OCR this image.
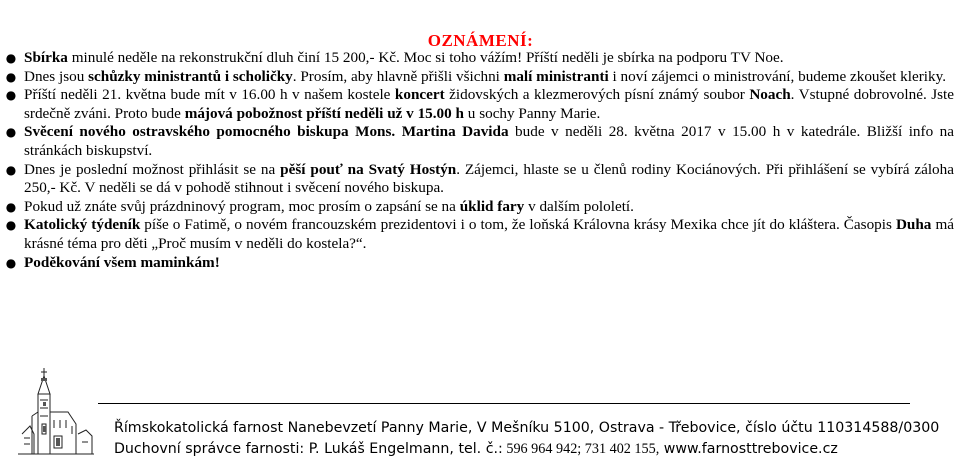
OZNÁMENÍ:
● Sbírka minulé neděle na rekonstrukční dluh činí 15 200,- Kč. Moc si toho vážím! Příští neděli je sbírka na podporu TV Noe.
● Dnes jsou schůzky ministrantů i scholičky. Prosím, aby hlavně přišli všichni malí ministranti i noví zájemci o ministrování, budeme zkoušet kleriky.
● Příští neděli 21. května bude mít v 16.00 h v našem kostele koncert židovských a klezmerových písní známý soubor Noach. Vstupné dobrovolné. Jste srdečně zváni. Proto bude májová pobožnost příští neděli už v 15.00 h u sochy Panny Marie.
● Svěcení nového ostravského pomocného biskupa Mons. Martina Davida bude v neděli 28. května 2017 v 15.00 h v katedrále. Bližší info na stránkách biskupství.
● Dnes je poslední možnost přihlásit se na pěší pouť na Svatý Hostýn. Zájemci, hlaste se u členů rodiny Kociánových. Při přihlášení se vybírá záloha 250,- Kč. V neděli se dá v pohodě stihnout i svěcení nového biskupa.
● Pokud už znáte svůj prázdninový program, moc prosím o zapsání se na úklid fary v dalším pololetí.
● Katolický týdeník píše o Fatimě, o novém francouzském prezidentovi i o tom, že loňská Královna krásy Mexika chce jít do kláštera. Časopis Duha má krásné téma pro děti „Proč musím v neděli do kostela?“.
● Poděkování všem maminkám!
Římskokatolická farnost Nanebevzetí Panny Marie, V Mešníku 5100, Ostrava - Třebovice, číslo účtu 110314588/0300
Duchovní správce farnosti: P. Lukáš Engelmann, tel. č.: 596 964 942; 731 402 155, www.farnosttrebovice.cz
